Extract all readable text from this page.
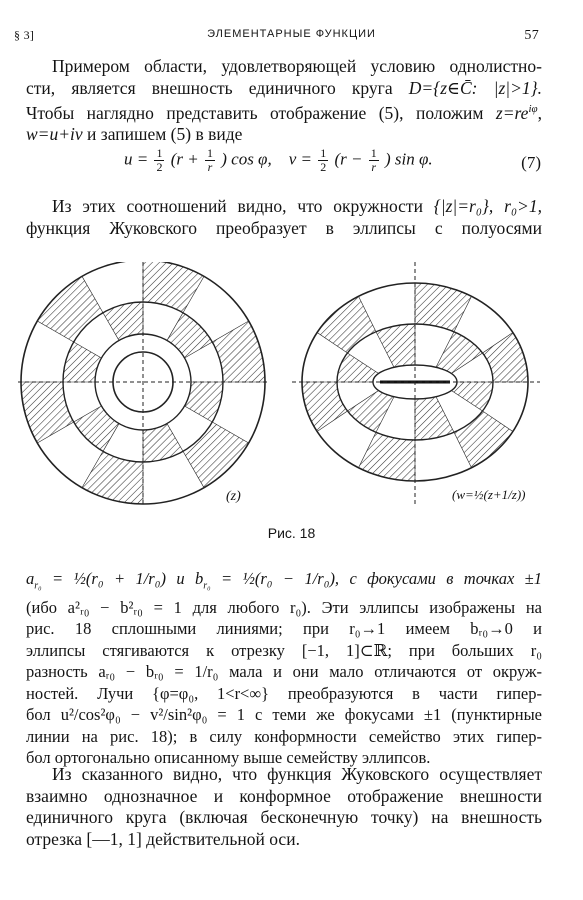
§ 3]	ЭЛЕМЕНТАРНЫЕ ФУНКЦИИ	57
Примером области, удовлетворяющей условию однолистно-
сти, является внешность единичного круга D={z∈C̄: |z|>1}.
Чтобы наглядно представить отображение (5), положим $z=re^{i\varphi}$,
w=u+iv и запишем (5) в виде
$u = \frac{1}{2} (r + \frac{1}{r}$ ) cos φ, $v = \frac{1}{2} (r - \frac{1}{r}$ ) sin φ.	(7)
Из этих соотношений видно, что окружности {|z|=r₀}, r₀>1,
функция Жуковского преобразует в эллипсы с полуосями
(z)	(w=½(z+1/z))
Рис. 18
$a_{r_0}$ = ½(r₀ + 1/r₀) и $b_{r_0}$ = ½(r₀ − 1/r₀), с фокусами в точках ±1
(ибо a²ᵣ₀ − b²ᵣ₀ = 1 для любого r₀). Эти эллипсы изображены на
рис. 18 сплошными линиями; при r₀→1 имеем bᵣ₀→0 и
эллипсы стягиваются к отрезку [−1, 1]⊂ℝ; при больших r₀
разность aᵣ₀ − bᵣ₀ = 1/r₀ мала и они мало отличаются от окруж-
ностей. Лучи {φ=φ₀, 1<r<∞} преобразуются в части гипер-
бол u²/cos²φ₀ − v²/sin²φ₀ = 1 с теми же фокусами ±1 (пунктирные
линии на рис. 18); в силу конформности семейство этих гипер-
бол ортогонально описанному выше семейству эллипсов.
Из сказанного видно, что функция Жуковского осуществляет
взаимно однозначное и конформное отображение внешности
единичного круга (включая бесконечную точку) на внешность
отрезка [—1, 1] действительной оси.
